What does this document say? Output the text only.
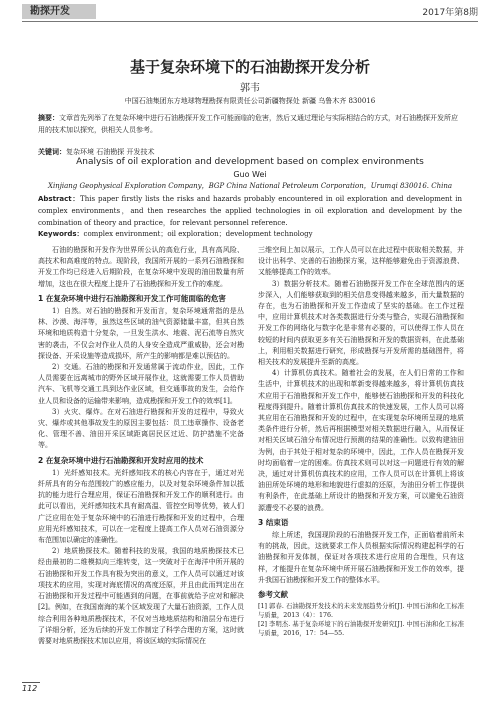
勘探开发	2017年第8期
基于复杂环境下的石油勘探开发分析
郭韦
中国石油集团东方地球物理勘探有限责任公司新疆物探处 新疆 乌鲁木齐 830016
摘要：文章首先列举了在复杂环境中进行石油勘探开发工作可能面临的危害，然后又通过理论与实际相结合的方式，对石油勘探开发所应用的技术加以探究，供相关人员参考。
关键词：复杂环境 石油勘探 开发技术
Analysis of oil exploration and development based on complex environments
Guo Wei
Xinjiang Geophysical Exploration Company，BGP China National Petroleum Corporation，Urumqi 830016. China
Abstract：This paper firstly lists the risks and hazards probably encountered in oil exploration and development in complex environments，and then researches the applied technologies in oil exploration and development by the combination of theory and practice，for relevant personnel reference.
Keywords：complex environment；oil exploration；development technology

石油的勘探和开发作为世界所公认的高危行业，具有高风险、高技术和高难度的特点。现阶段，我国所开展的一系列石油勘探和开发工作均已经进入后期阶段，在复杂环境中发现的油田数量有所增加，这也在很大程度上提升了石油勘探和开发工作的难度。

1 在复杂环境中进行石油勘探和开发工作可能面临的危害

1）自然。对石油的勘探和开发而言，复杂环境通常指的是丛林、沙漠、海洋等，虽然这些区域的油气资源储量丰富，但其自然环境和地质构造十分复杂，一旦发生洪水、地震、泥石流等自然灾害的袭击，不仅会对作业人员的人身安全造成严重威胁，还会对勘探设备、开采设施等造成损坏，所产生的影响都是难以预估的。

2）交通。石油的勘探和开发通常属于流动作业，因此，工作人员需要在远离城市的野外区域开展作业，这就需要工作人员借助汽车、飞机等交通工具到达作业区域，但交通事故的发生，会给作业人员和设备的运输带来影响，造成勘探和开发工作的效率[1]。

3）火灾、爆炸。在对石油进行勘探和开发的过程中，导致火灾、爆炸或其他事故发生的原因主要包括：员工违章操作、设备老化、管理不善、油田开采区域距离居民区过近、防护措施不完备等。

2 在复杂环境中进行石油勘探和开发时应用的技术

1）光纤感知技术。光纤感知技术的核心内容在于，通过对光纤所具有的分布范围较广的感应能力，以及对复杂环境条件加以抵抗的能力进行合理应用，保证石油勘探和开发工作的顺利进行。由此可以看出，光纤感知技术具有耐高温、管控空间等优势，被人们广泛应用在处于复杂环境中的石油进行勘探和开发的过程中，合理应用光纤感知技术，可以在一定程度上提高工作人员对石油资源分布范围加以确定的准确性。

2）地质勘探技术。随着科技的发展，我国的地质勘探技术已经由最初的二维模拟向三维转变，这一突破对于在海洋中所开展的石油勘探和开发工作具有极为突出的意义，工作人员可以通过对该项技术的应用，实现对海底情况的高度还原，并且由此而判定出在石油勘探和开发过程中可能遇到的问题，在事前就给予应对和解决[2]。例如，在我国南海的某个区域发现了大量石油资源，工作人员综合利用各种地质勘探技术，不仅对当地地质结构和油层分布进行了详细分析，还为后续的开发工作制定了科学合理的方案，这时就需要对地质勘探技术加以应用，将该区域的实际情况在

三维空间上加以展示，工作人员可以在此过程中获取相关数据，并设计出科学、完善的石油勘探方案，这样能够避免由于资源浪费、又能够提高工作的效率。

3）数据分析技术。随着石油勘探开发工作在全球范围内的逐步深入，人们能够获取到的相关信息变得越来越多，而大量数据的存在，也为石油勘探和开发工作造成了坚实的基础。在工作过程中，应用计算机技术对各类数据进行分类与整合，实现石油勘探和开发工作的网络化与数字化是非常有必要的，可以使得工作人员在较短的时间内获取更多有关石油勘探和开发的数据资料，在此基础上，利用相关数据进行研究，形成勘探与开发所需的基础图件，将相关技术的发展提升至新的高度。

4）计算机仿真技术。随着社会的发展，在人们日常的工作和生活中，计算机技术的出现和革新变得越来越多，将计算机仿真技术应用于石油勘探和开发工作中，能够使石油勘探和开发的科技化程度得到提升。随着计算机仿真技术的快速发展，工作人员可以将其应用在石油勘探和开发的过程中，在实现复杂环境所呈现的地质类条件进行分析，然后再根据模型对相关数据进行融入，从而保证对相关区域石油分布情况进行预测的结果的准确性。以致构建油田为例，由于其处于相对复杂的环境中，因此，工作人员在勘探开发时均面临着一定的困难。仿真技术则可以对这一问题进行有效的解决，通过对计算机仿真技术的应用，工作人员可以在计算机上将该油田所处环境的地形和地貌进行虚拟的还原，为油田分析工作提供有利条件，在此基础上所设计的勘探和开发方案，可以避免石油资源遭受不必要的浪费。

3 结束语

综上所述，我国现阶段的石油勘探开发工作，正面临着前所未有的挑战，因此，这就要求工作人员根据实际情况构建起科学的石油勘探和开发体制，保证对各项技术进行应用的合理性，只有这样，才能提升在复杂环境中所开展石油勘探和开发工作的效率，提升我国石油勘探和开发工作的整体水平。

参考文献

[1] 郭春. 石油勘探开发技术的未来发展趋势分析[J]. 中国石油和化工标准与质量，2013（4）：176.

[2] 李明杰. 基于复杂环境下的石油勘探开发研究[J]. 中国石油和化工标准与质量，2016，17：54—55.

112
